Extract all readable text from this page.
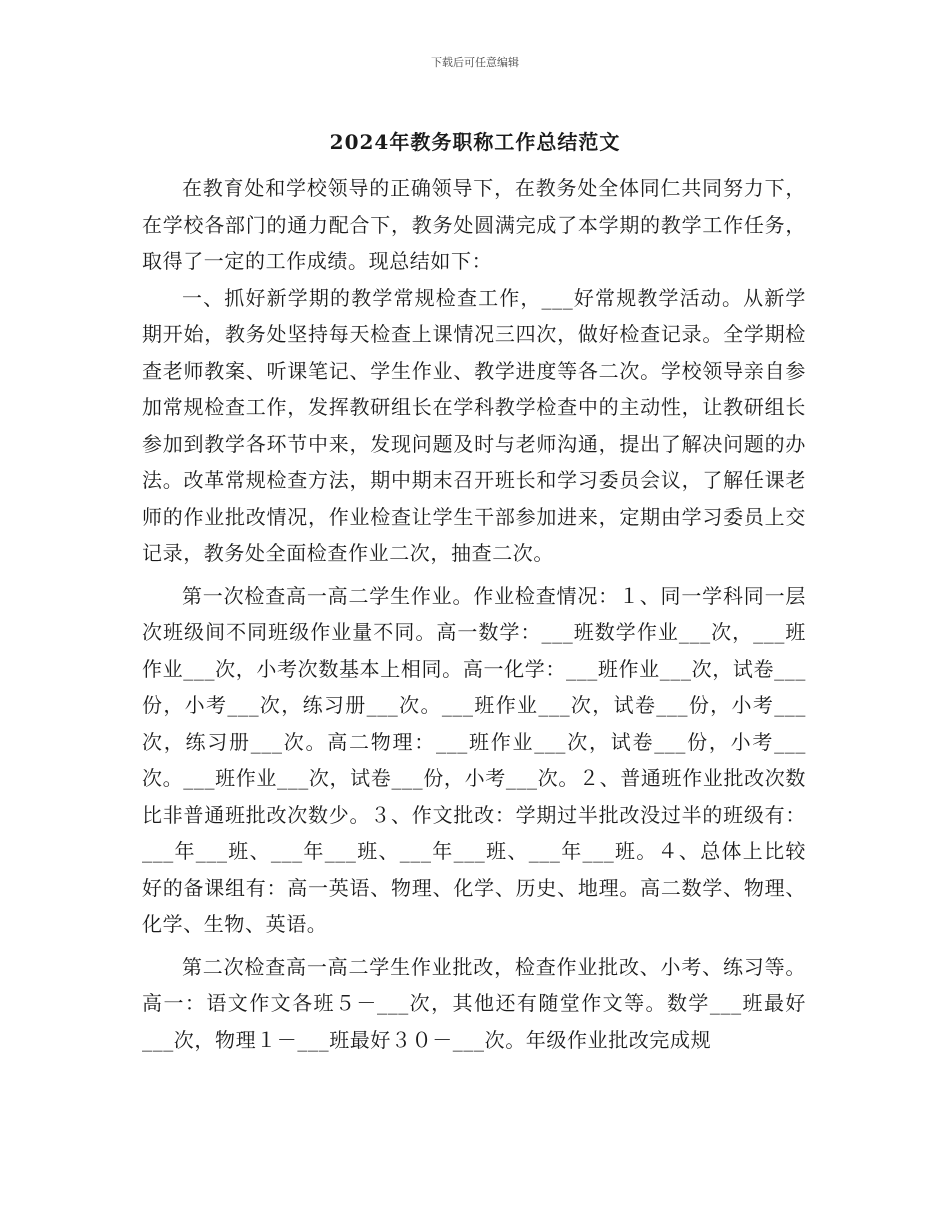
下载后可任意编辑
2024年教务职称工作总结范文

在教育处和学校领导的正确领导下，在教务处全体同仁共同努力下，在学校各部门的通力配合下，教务处圆满完成了本学期的教学工作任务，取得了一定的工作成绩。现总结如下：

一、抓好新学期的教学常规检查工作，___好常规教学活动。从新学期开始，教务处坚持每天检查上课情况三四次，做好检查记录。全学期检查老师教案、听课笔记、学生作业、教学进度等各二次。学校领导亲自参加常规检查工作，发挥教研组长在学科教学检查中的主动性，让教研组长参加到教学各环节中来，发现问题及时与老师沟通，提出了解决问题的办法。改革常规检查方法，期中期末召开班长和学习委员会议，了解任课老师的作业批改情况，作业检查让学生干部参加进来，定期由学习委员上交记录，教务处全面检查作业二次，抽查二次。

第一次检查高一高二学生作业。作业检查情况：１、同一学科同一层次班级间不同班级作业量不同。高一数学：___班数学作业___次，___班作业___次，小考次数基本上相同。高一化学：___班作业___次，试卷___份，小考___次，练习册___次。___班作业___次，试卷___份，小考___次，练习册___次。高二物理：___班作业___次，试卷___份，小考___次。___班作业___次，试卷___份，小考___次。２、普通班作业批改次数比非普通班批改次数少。３、作文批改：学期过半批改没过半的班级有：___年___班、___年___班、___年___班、___年___班。４、总体上比较好的备课组有：高一英语、物理、化学、历史、地理。高二数学、物理、化学、生物、英语。

第二次检查高一高二学生作业批改，检查作业批改、小考、练习等。高一：语文作文各班５－___次，其他还有随堂作文等。数学___班最好___次，物理１－___班最好３０－___次。年级作业批改完成规
